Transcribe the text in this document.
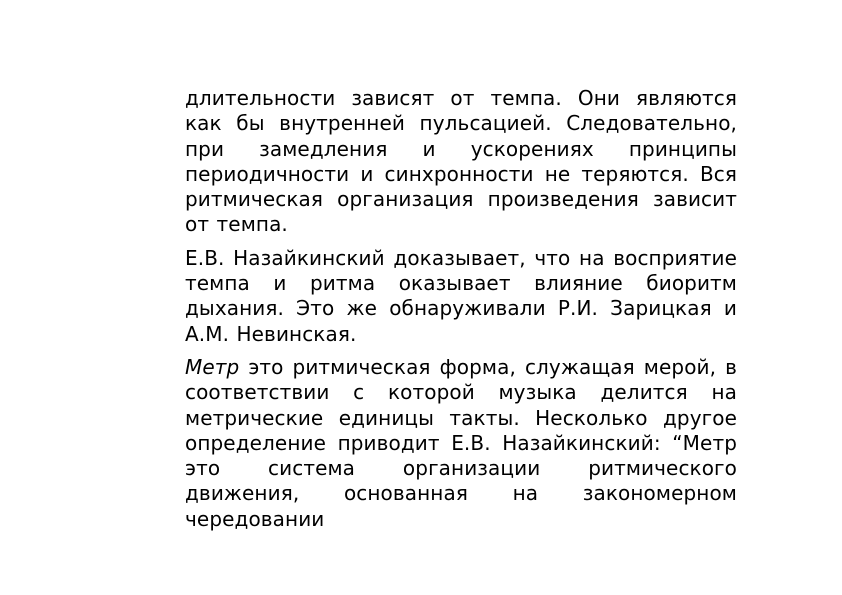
длительности зависят от темпа. Они являются как бы внутренней пульсацией. Следовательно, при замедления и ускорениях принципы периодичности и синхронности не теряются. Вся ритмическая организация произведения зависит от темпа.

Е.В. Назайкинский доказывает, что на восприятие темпа и ритма оказывает влияние биоритм дыхания. Это же обнаруживали Р.И. Зарицкая и А.М. Невинская.

Метр это ритмическая форма, служащая мерой, в соответствии с которой музыка делится на метрические единицы такты. Несколько другое определение приводит Е.В. Назайкинский: “Метр это система организации ритмического движения, основанная на закономерном чередовании
